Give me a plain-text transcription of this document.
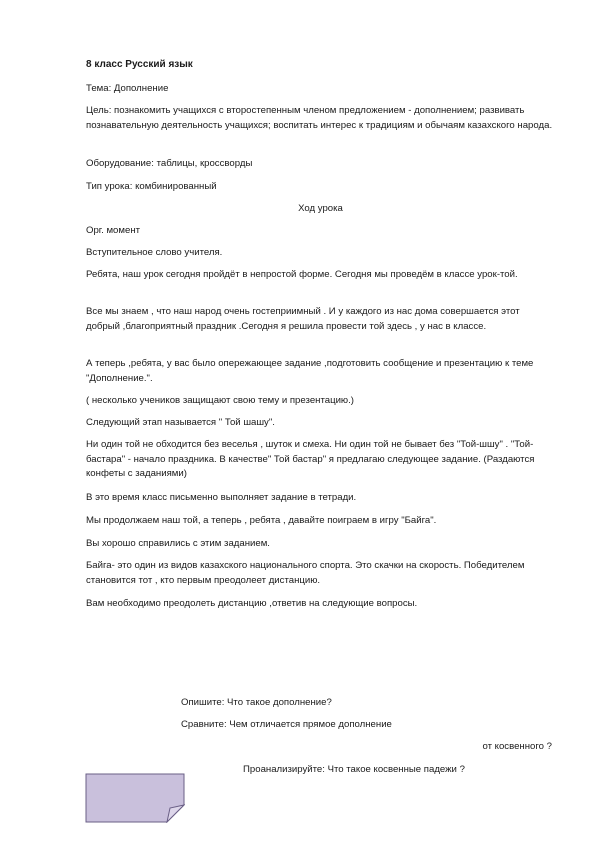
8 класс Русский язык

Тема: Дополнение

Цель: познакомить учащихся с второстепенным членом предложением - дополнением; развивать познавательную деятельность учащихся; воспитать интерес к традициям и обычаям казахского народа.

Оборудование: таблицы, кроссворды

Тип урока: комбинированный

Ход урока

Орг. момент

Вступительное слово учителя.

Ребята, наш урок сегодня пройдёт в непростой форме. Сегодня мы проведём в классе урок-той.

Все мы знаем , что наш народ очень гостеприимный . И у каждого из нас дома совершается этот добрый ,благоприятный праздник .Сегодня я решила провести той здесь , у нас в классе.

А теперь ,ребята, у вас было опережающее задание ,подготовить сообщение и презентацию к теме "Дополнение.".

( несколько учеников защищают свою тему и презентацию.)

Следующий этап называется " Той шашу".

Ни один той не обходится без веселья , шуток и смеха. Ни один той не бывает без "Той-шшу" . "Той-бастара" - начало праздника. В качестве" Той бастар" я предлагаю следующее задание. (Раздаются конфеты с заданиями)

В это время класс письменно выполняет задание в тетради.

Мы продолжаем наш той, а теперь , ребята , давайте поиграем в игру "Байга".

Вы хорошо справились с этим заданием.

Байга- это один из видов казахского национального спорта. Это скачки на скорость. Победителем становится тот , кто первым преодолеет дистанцию.

Вам необходимо преодолеть дистанцию ,ответив на следующие вопросы.

Опишите: Что такое дополнение?

Сравните: Чем отличается прямое дополнение

от косвенного ?

Проанализируйте: Что такое косвенные падежи ?
